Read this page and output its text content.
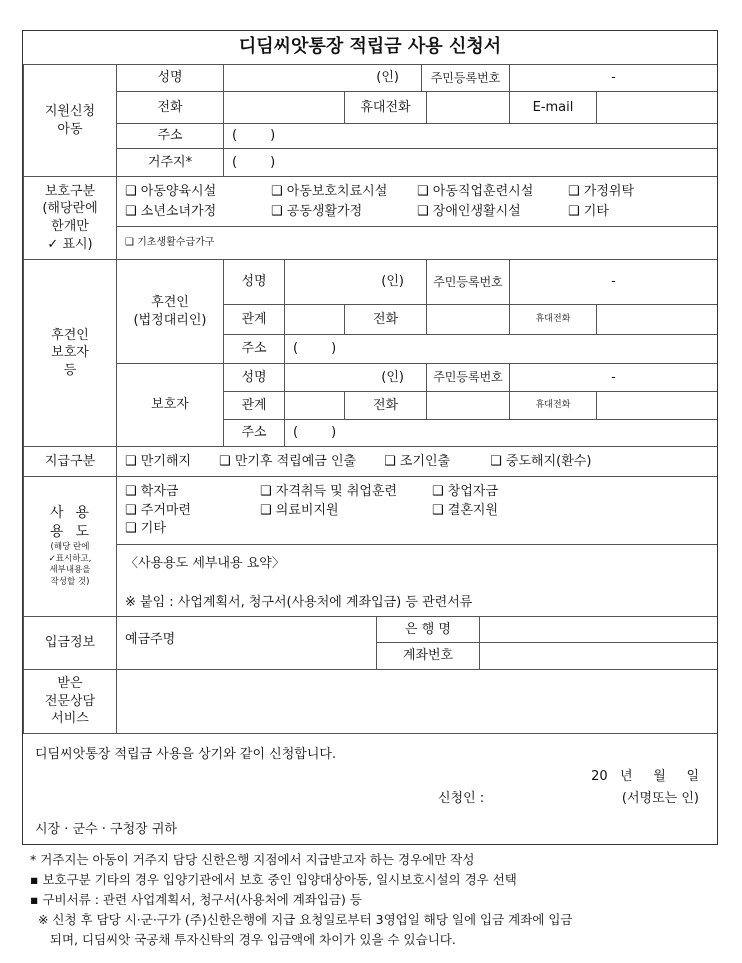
디딤씨앗통장 적립금 사용 신청서
지원신청
아동
성명	(인)	주민등록번호	-
전화	휴대전화	E-mail
주소	(        )
거주지*	(        )
보호구분
(해당란에
한개만
✓ 표시)
❑ 아동양육시설	❑ 아동보호치료시설	❑ 아동직업훈련시설	❑ 가정위탁
❑ 소년소녀가정	❑ 공동생활가정	❑ 장애인생활시설	❑ 기타
❑ 기초생활수급가구
후견인
보호자
등
후견인
(법정대리인)
보호자
성명	(인)	주민등록번호	-
관계	전화	휴대전화
주소	(        )
성명	(인)	주민등록번호	-
관계	전화	휴대전화
주소	(        )
지급구분	❑ 만기해지 ❑ 만기후 적립예금 인출 ❑ 조기인출	❑ 중도해지(환수)
사  용
용  도
(해당 란에
✓표시하고,
세부내용을
작성할 것)
❑ 학자금	❑ 자격취득 및 취업훈련	❑ 창업자금
❑ 주거마련	❑ 의료비지원	❑ 결혼지원
❑ 기타
〈사용용도 세부내용 요약〉
※ 붙임 : 사업계획서, 청구서(사용처에 계좌입금) 등 관련서류
입금정보	예금주명
은 행 명
계좌번호
받은
전문상담
서비스
디딤씨앗통장 적립금 사용을 상기와 같이 신청합니다.
20   년     월     일
신청인 :	(서명또는 인)
시장 · 군수 · 구청장 귀하
* 거주지는 아동이 거주지 담당 신한은행 지점에서 지급받고자 하는 경우에만 작성
▪ 보호구분 기타의 경우 입양기관에서 보호 중인 입양대상아동, 일시보호시설의 경우 선택
▪ 구비서류 : 관련 사업계획서, 청구서(사용처에 계좌입금) 등
※ 신청 후 담당 시·군·구가 (주)신한은행에 지급 요청일로부터 3영업일 해당 일에 입금 계좌에 입금
되며, 디딤씨앗 국공채 투자신탁의 경우 입금액에 차이가 있을 수 있습니다.
